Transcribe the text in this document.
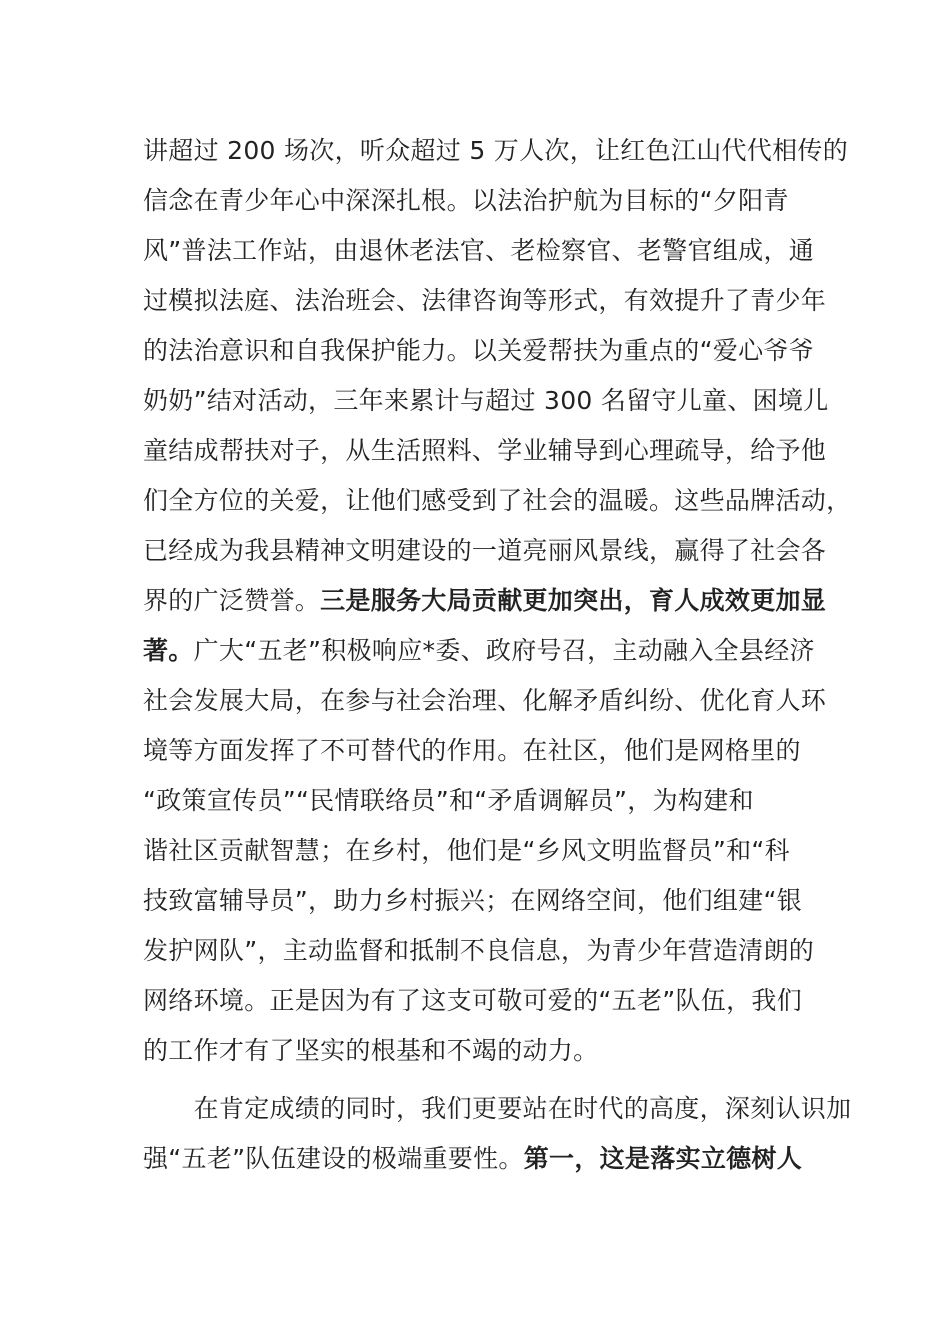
讲超过 200 场次，听众超过 5 万人次，让红色江山代代相传的
信念在青少年心中深深扎根。以法治护航为目标的“夕阳青
风”普法工作站，由退休老法官、老检察官、老警官组成，通
过模拟法庭、法治班会、法律咨询等形式，有效提升了青少年
的法治意识和自我保护能力。以关爱帮扶为重点的“爱心爷爷
奶奶”结对活动，三年来累计与超过 300 名留守儿童、困境儿
童结成帮扶对子，从生活照料、学业辅导到心理疏导，给予他
们全方位的关爱，让他们感受到了社会的温暖。这些品牌活动，
已经成为我县精神文明建设的一道亮丽风景线，赢得了社会各
界的广泛赞誉。三是服务大局贡献更加突出，育人成效更加显
著。广大“五老”积极响应*委、政府号召，主动融入全县经济
社会发展大局，在参与社会治理、化解矛盾纠纷、优化育人环
境等方面发挥了不可替代的作用。在社区，他们是网格里的
“政策宣传员”“民情联络员”和“矛盾调解员”，为构建和
谐社区贡献智慧；在乡村，他们是“乡风文明监督员”和“科
技致富辅导员”，助力乡村振兴；在网络空间，他们组建“银
发护网队”，主动监督和抵制不良信息，为青少年营造清朗的
网络环境。正是因为有了这支可敬可爱的“五老”队伍，我们
的工作才有了坚实的根基和不竭的动力。
　　在肯定成绩的同时，我们更要站在时代的高度，深刻认识加
强“五老”队伍建设的极端重要性。第一，这是落实立德树人
